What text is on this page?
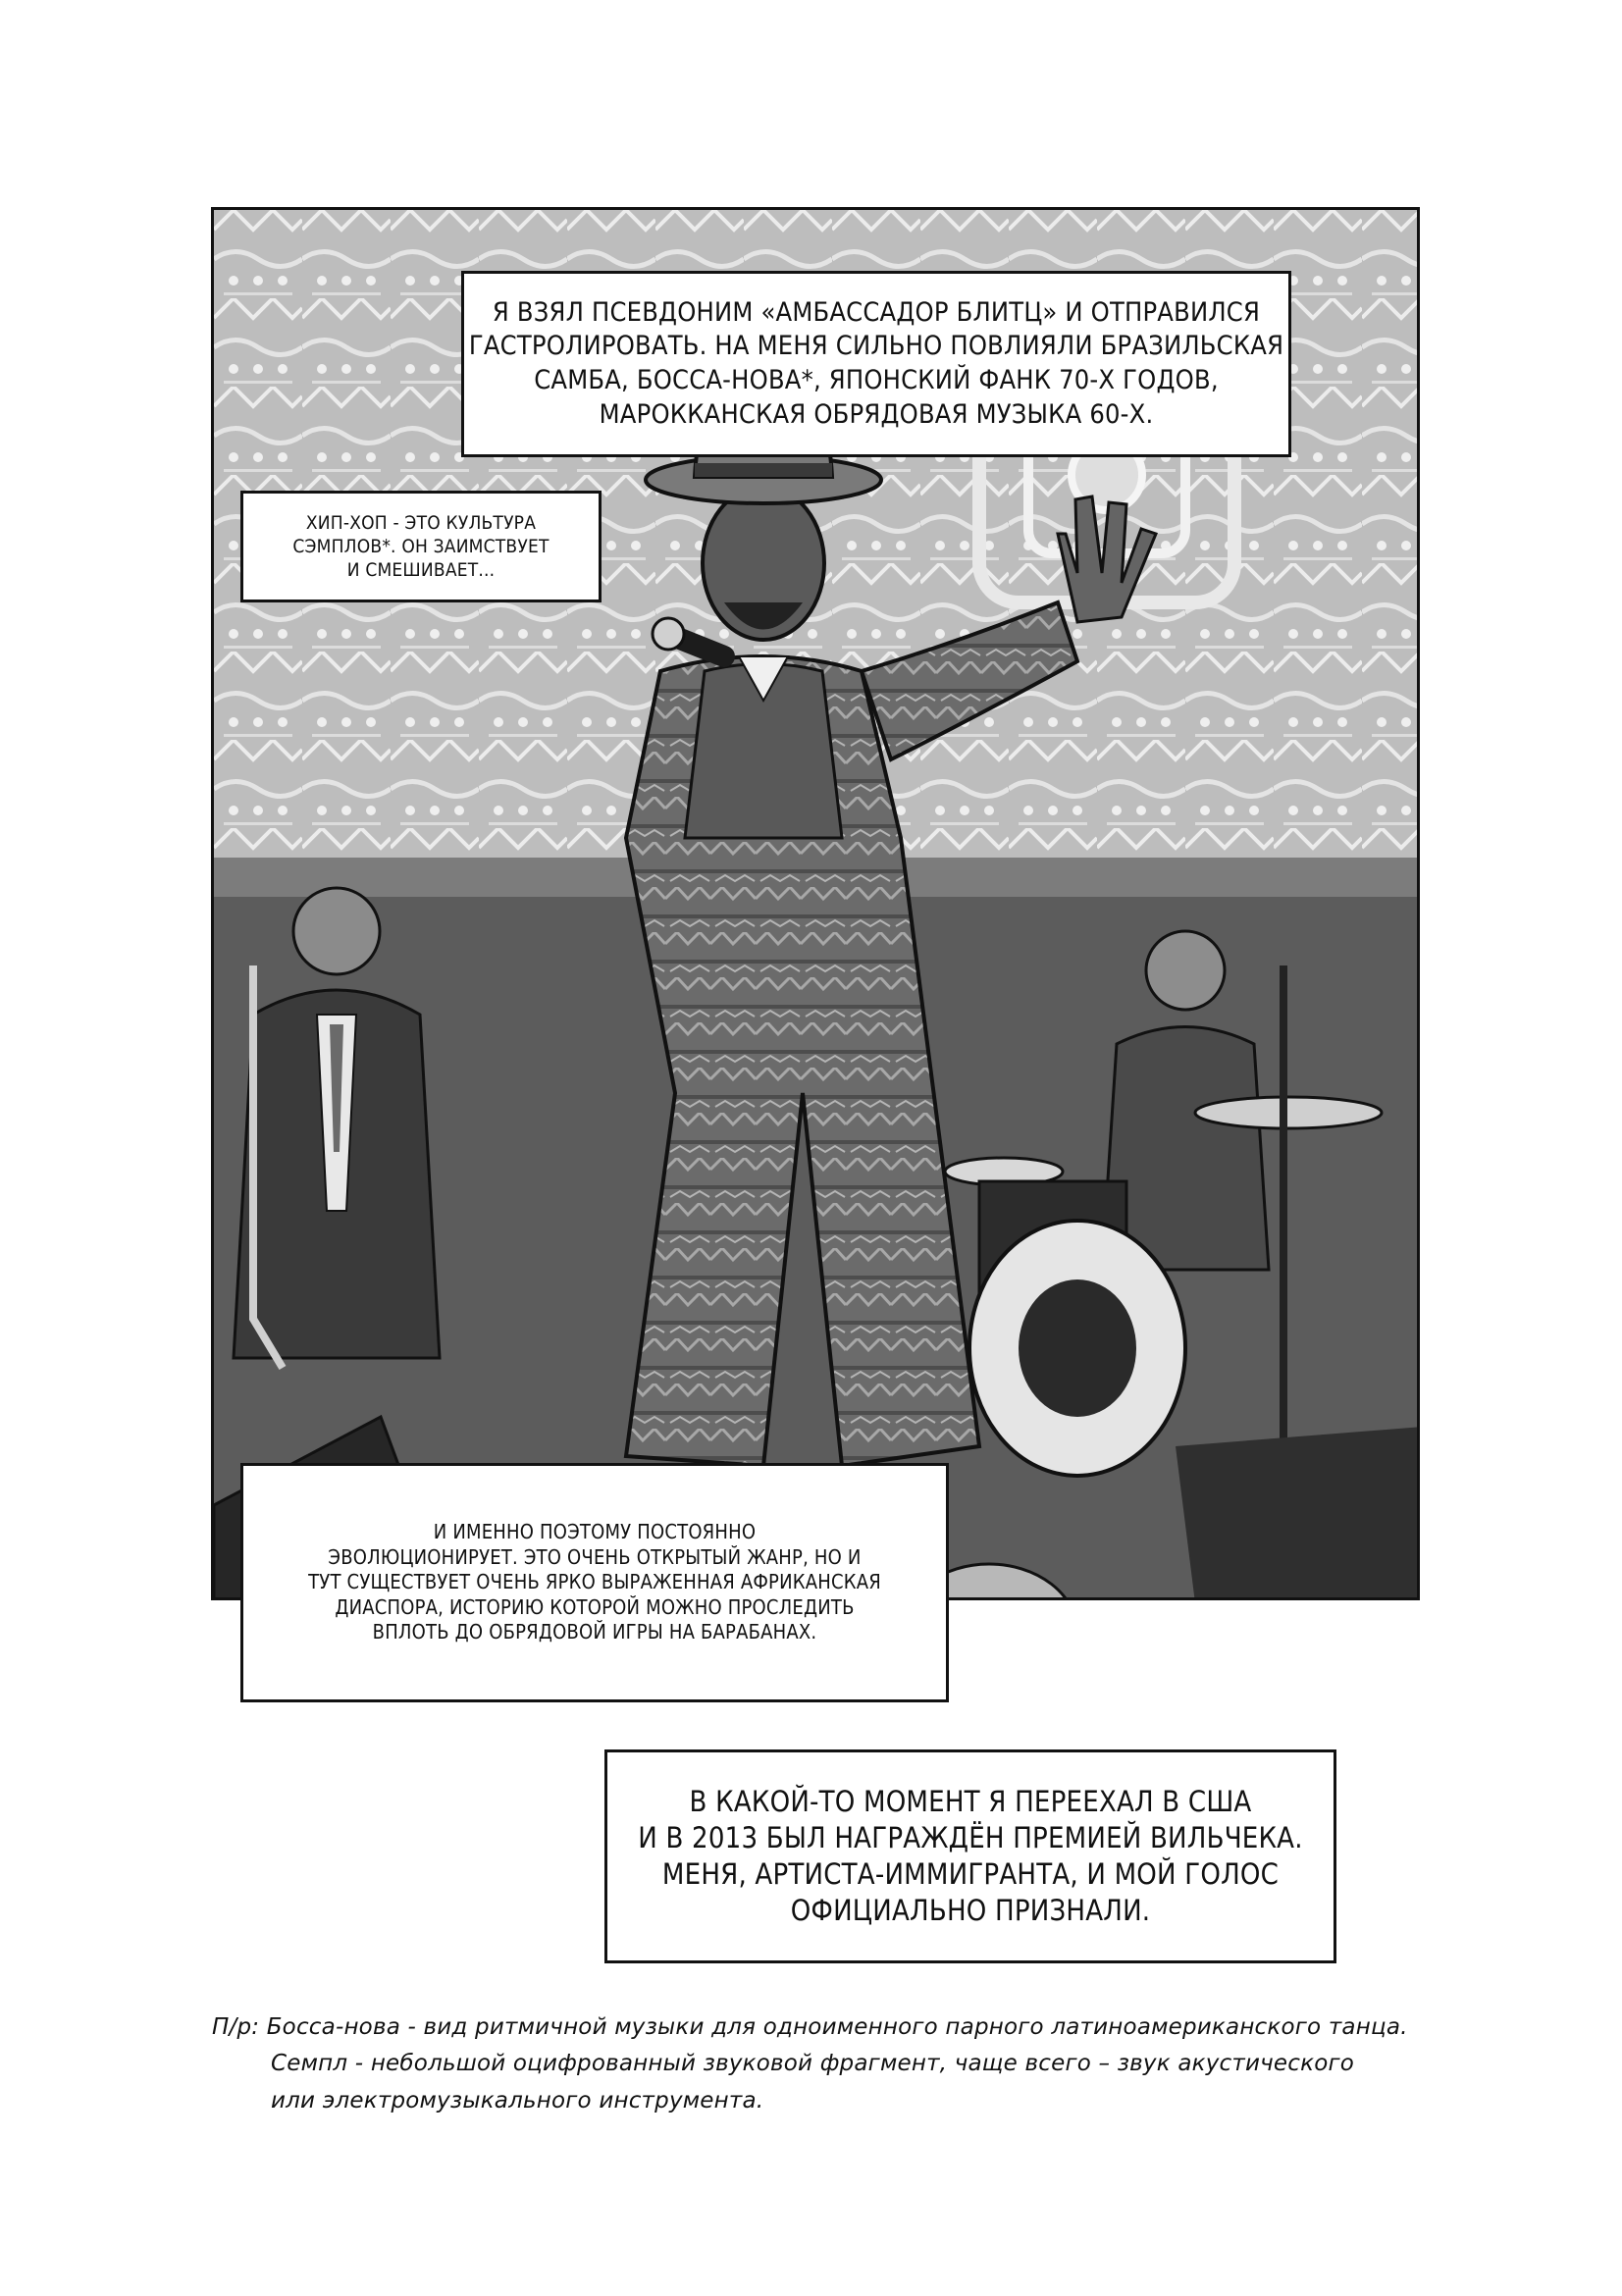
Я ВЗЯЛ ПСЕВДОНИМ «АМБАССАДОР БЛИТЦ» И ОТПРАВИЛСЯ
ГАСТРОЛИРОВАТЬ. НА МЕНЯ СИЛЬНО ПОВЛИЯЛИ БРАЗИЛЬСКАЯ
САМБА, БОССА-НОВА*, ЯПОНСКИЙ ФАНК 70-Х ГОДОВ,
МАРОККАНСКАЯ ОБРЯДОВАЯ МУЗЫКА 60-Х.
ХИП-ХОП - ЭТО КУЛЬТУРА
СЭМПЛОВ*. ОН ЗАИМСТВУЕТ
И СМЕШИВАЕТ...
И ИМЕННО ПОЭТОМУ ПОСТОЯННО
ЭВОЛЮЦИОНИРУЕТ. ЭТО ОЧЕНЬ ОТКРЫТЫЙ ЖАНР, НО И
ТУТ СУЩЕСТВУЕТ ОЧЕНЬ ЯРКО ВЫРАЖЕННАЯ АФРИКАНСКАЯ
ДИАСПОРА, ИСТОРИЮ КОТОРОЙ МОЖНО ПРОСЛЕДИТЬ
ВПЛОТЬ ДО ОБРЯДОВОЙ ИГРЫ НА БАРАБАНАХ.
В КАКОЙ-ТО МОМЕНТ Я ПЕРЕЕХАЛ В США
И В 2013 БЫЛ НАГРАЖДЁН ПРЕМИЕЙ ВИЛЬЧЕКА.
МЕНЯ, АРТИСТА-ИММИГРАНТА, И МОЙ ГОЛОС
ОФИЦИАЛЬНО ПРИЗНАЛИ.
П/р: Босса-нова - вид ритмичной музыки для одноименного парного латиноамериканского танца.
Семпл - небольшой оцифрованный звуковой фрагмент, чаще всего – звук акустического
или электромузыкального инструмента.
